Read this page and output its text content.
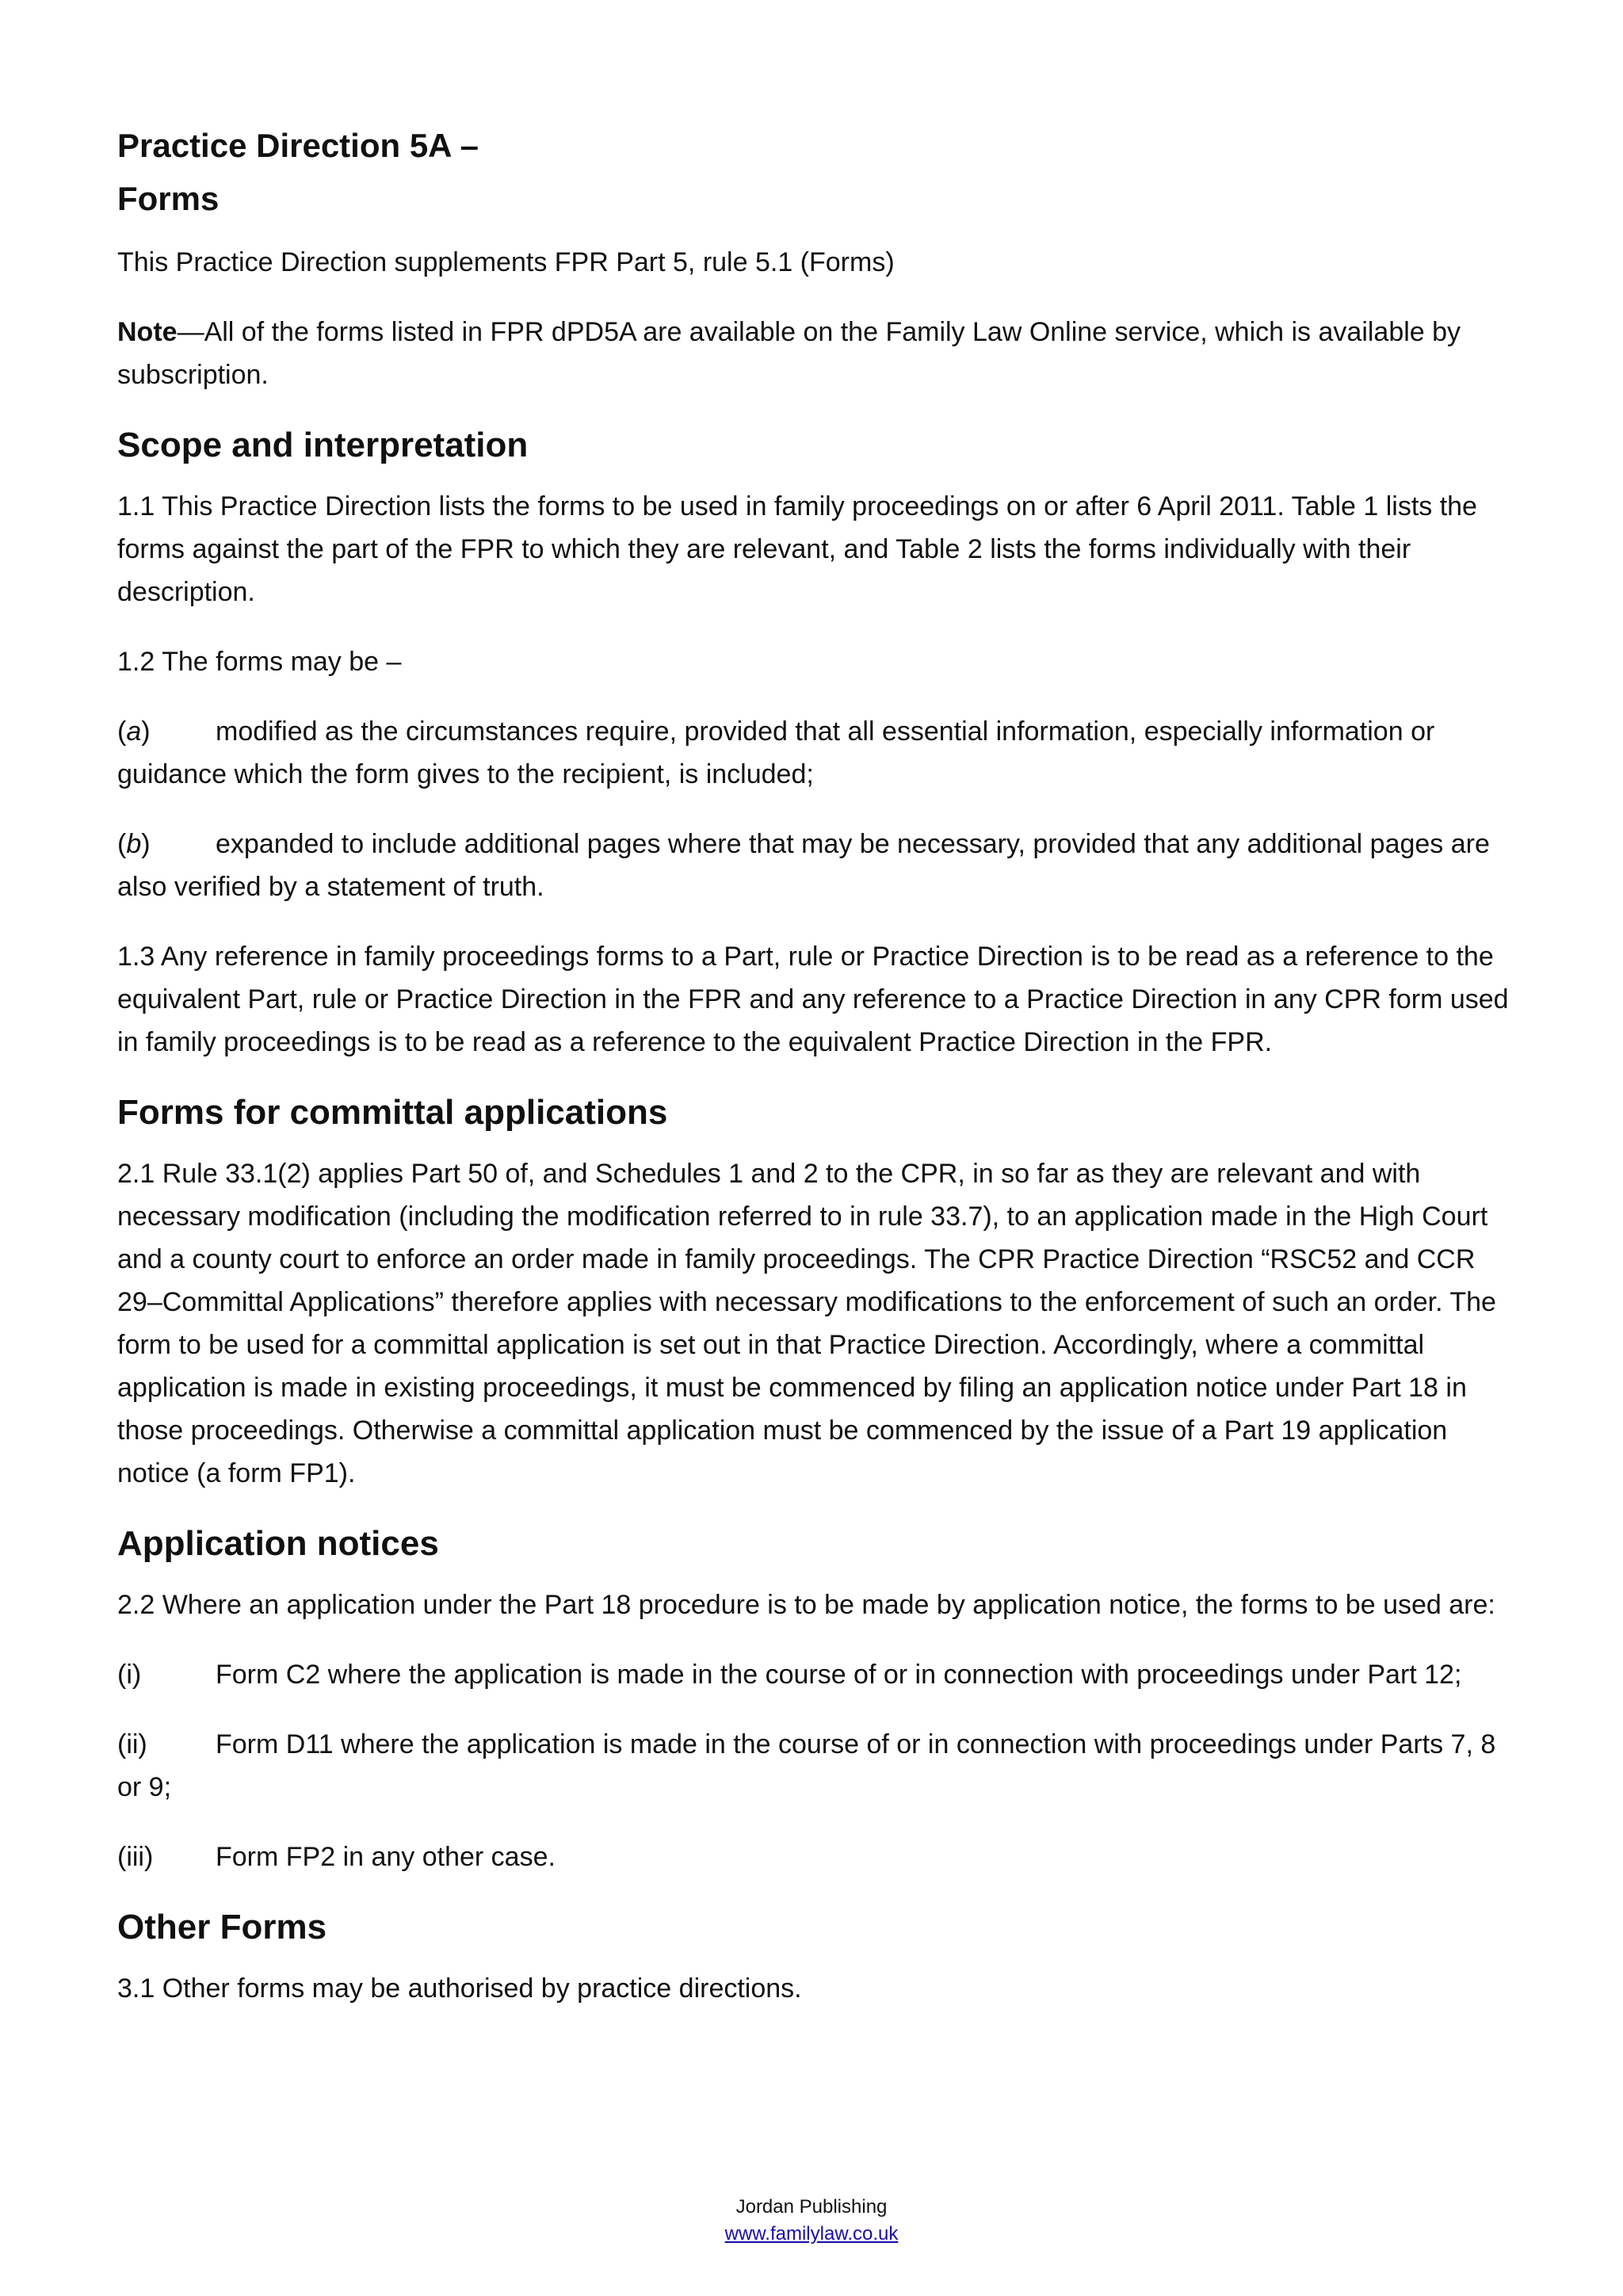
Practice Direction 5A –
Forms

This Practice Direction supplements FPR Part 5, rule 5.1 (Forms)

Note—All of the forms listed in FPR dPD5A are available on the Family Law Online service, which is available by subscription.

Scope and interpretation

1.1 This Practice Direction lists the forms to be used in family proceedings on or after 6 April 2011. Table 1 lists the forms against the part of the FPR to which they are relevant, and Table 2 lists the forms individually with their description.

1.2 The forms may be –

(a) modified as the circumstances require, provided that all essential information, especially information or guidance which the form gives to the recipient, is included;

(b) expanded to include additional pages where that may be necessary, provided that any additional pages are also verified by a statement of truth.

1.3 Any reference in family proceedings forms to a Part, rule or Practice Direction is to be read as a reference to the equivalent Part, rule or Practice Direction in the FPR and any reference to a Practice Direction in any CPR form used in family proceedings is to be read as a reference to the equivalent Practice Direction in the FPR.

Forms for committal applications

2.1 Rule 33.1(2) applies Part 50 of, and Schedules 1 and 2 to the CPR, in so far as they are relevant and with necessary modification (including the modification referred to in rule 33.7), to an application made in the High Court and a county court to enforce an order made in family proceedings. The CPR Practice Direction “RSC52 and CCR 29–Committal Applications” therefore applies with necessary modifications to the enforcement of such an order. The form to be used for a committal application is set out in that Practice Direction. Accordingly, where a committal application is made in existing proceedings, it must be commenced by filing an application notice under Part 18 in those proceedings. Otherwise a committal application must be commenced by the issue of a Part 19 application notice (a form FP1).

Application notices

2.2 Where an application under the Part 18 procedure is to be made by application notice, the forms to be used are:

(i)	Form C2 where the application is made in the course of or in connection with proceedings under Part 12;

(ii)	Form D11 where the application is made in the course of or in connection with proceedings under Parts 7, 8 or 9;

(iii) Form FP2 in any other case.

Other Forms

3.1 Other forms may be authorised by practice directions.

Jordan Publishing
www.familylaw.co.uk
